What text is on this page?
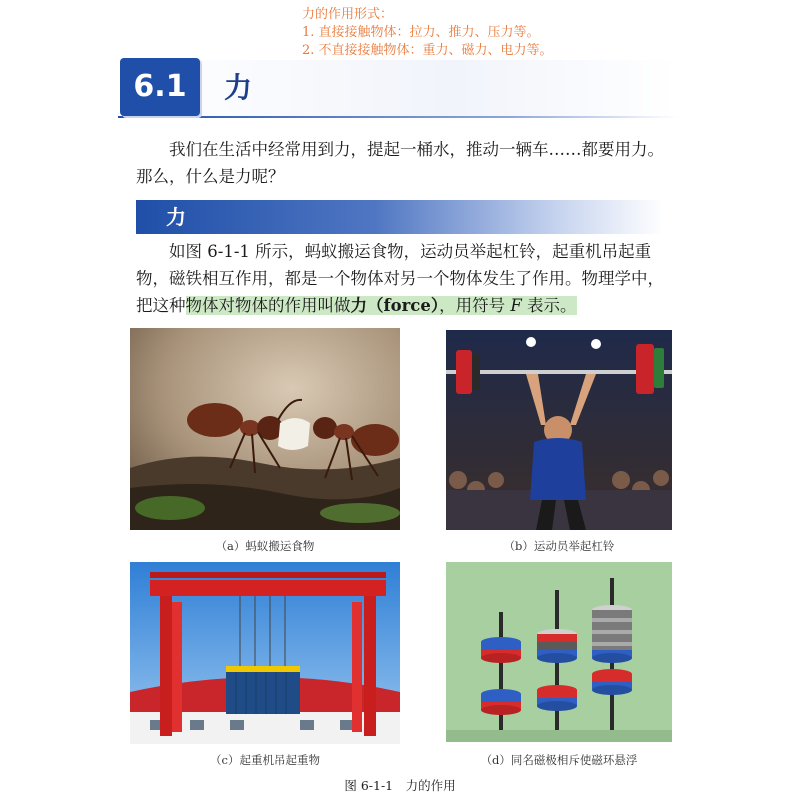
力的作用形式：
1. 直接接触物体：拉力、推力、压力等。
2. 不直接接触物体：重力、磁力、电力等。
6.1	力
我们在生活中经常用到力，提起一桶水，推动一辆车……都要用力。那么，什么是力呢？
力
如图 6-1-1 所示，蚂蚁搬运食物，运动员举起杠铃，起重机吊起重物，磁铁相互作用，都是一个物体对另一个物体发生了作用。物理学中，把这种物体对物体的作用叫做力（force），用符号 F 表示。
（a）蚂蚁搬运食物	（b）运动员举起杠铃
（c）起重机吊起重物	（d）同名磁极相斥使磁环悬浮
图 6-1-1　力的作用
